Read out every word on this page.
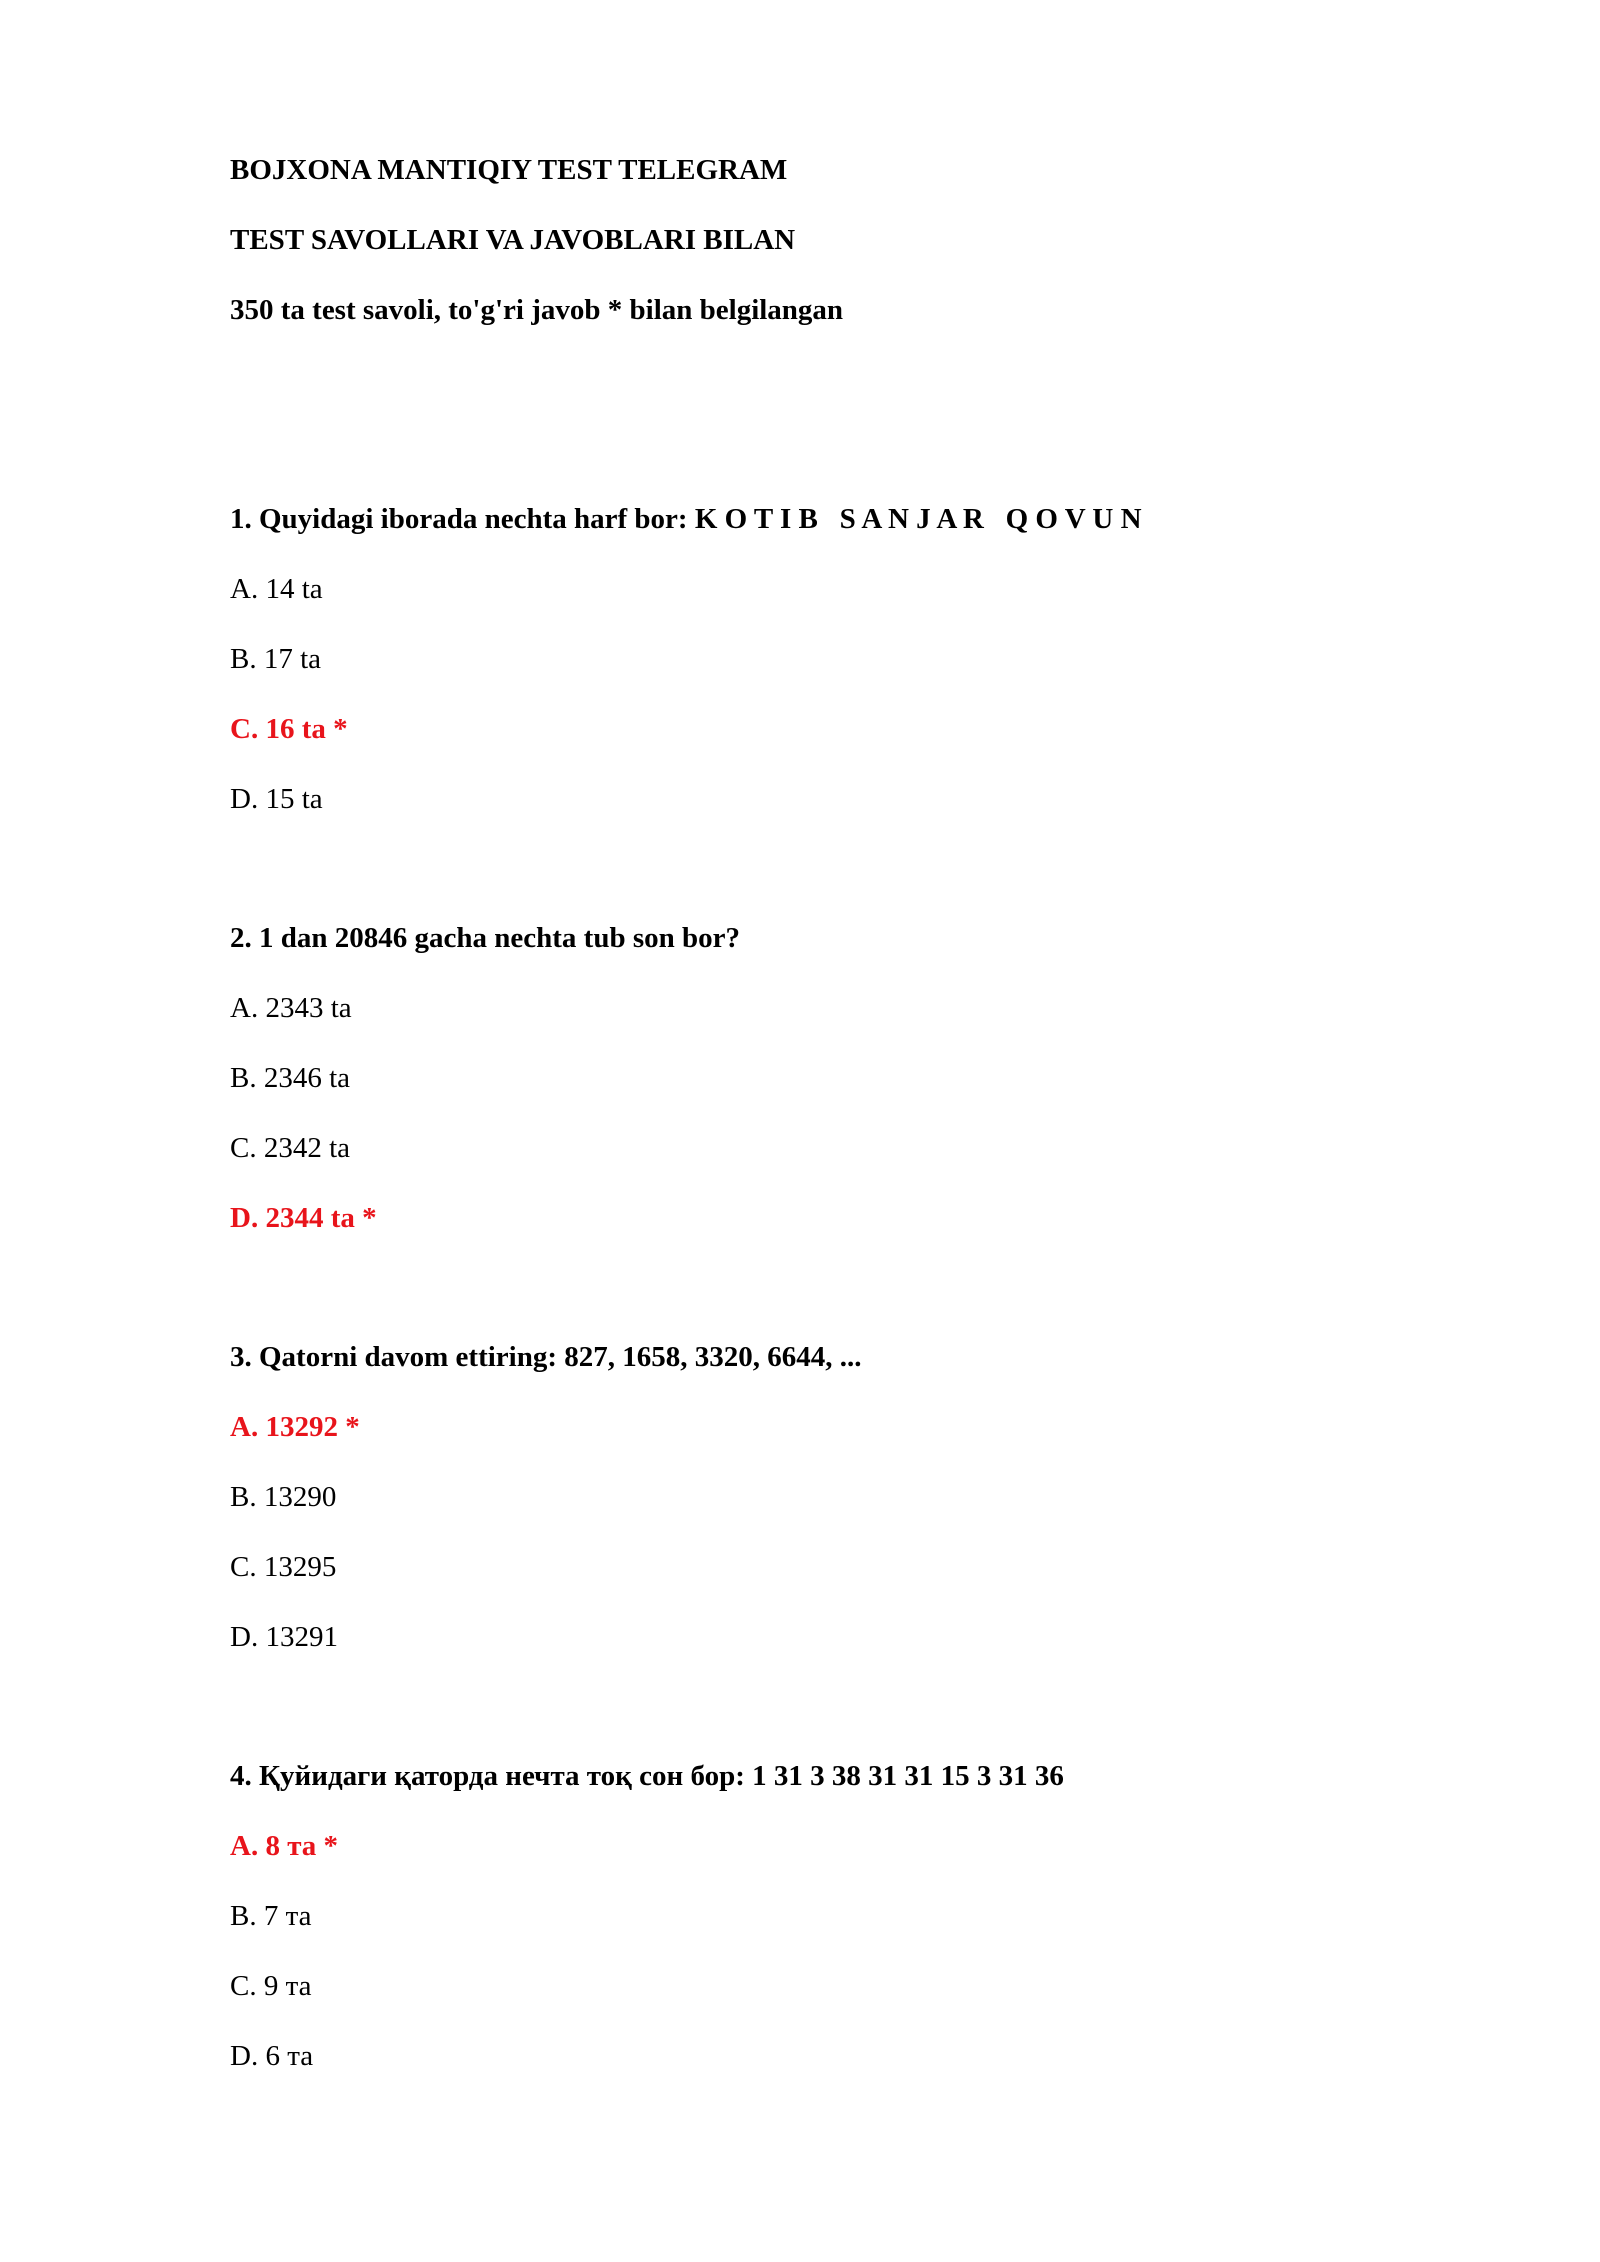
BOJXONA MANTIQIY TEST TELEGRAM

TEST SAVOLLARI VA JAVOBLARI BILAN

350 ta test savoli, to'g'ri javob * bilan belgilangan

1. Quyidagi iborada nechta harf bor: K O T I B   S A N J A R   Q O V U N

A. 14 ta

B. 17 ta

C. 16 ta *

D. 15 ta

2. 1 dan 20846 gacha nechta tub son bor?

A. 2343 ta

B. 2346 ta

C. 2342 ta

D. 2344 ta *

3. Qatorni davom ettiring: 827, 1658, 3320, 6644, ...

A. 13292 *

B. 13290

C. 13295

D. 13291

4. Қуйидаги қаторда нечта тоқ сон бор: 1 31 3 38 31 31 15 3 31 36

A. 8 та *

B. 7 та

C. 9 та

D. 6 та
